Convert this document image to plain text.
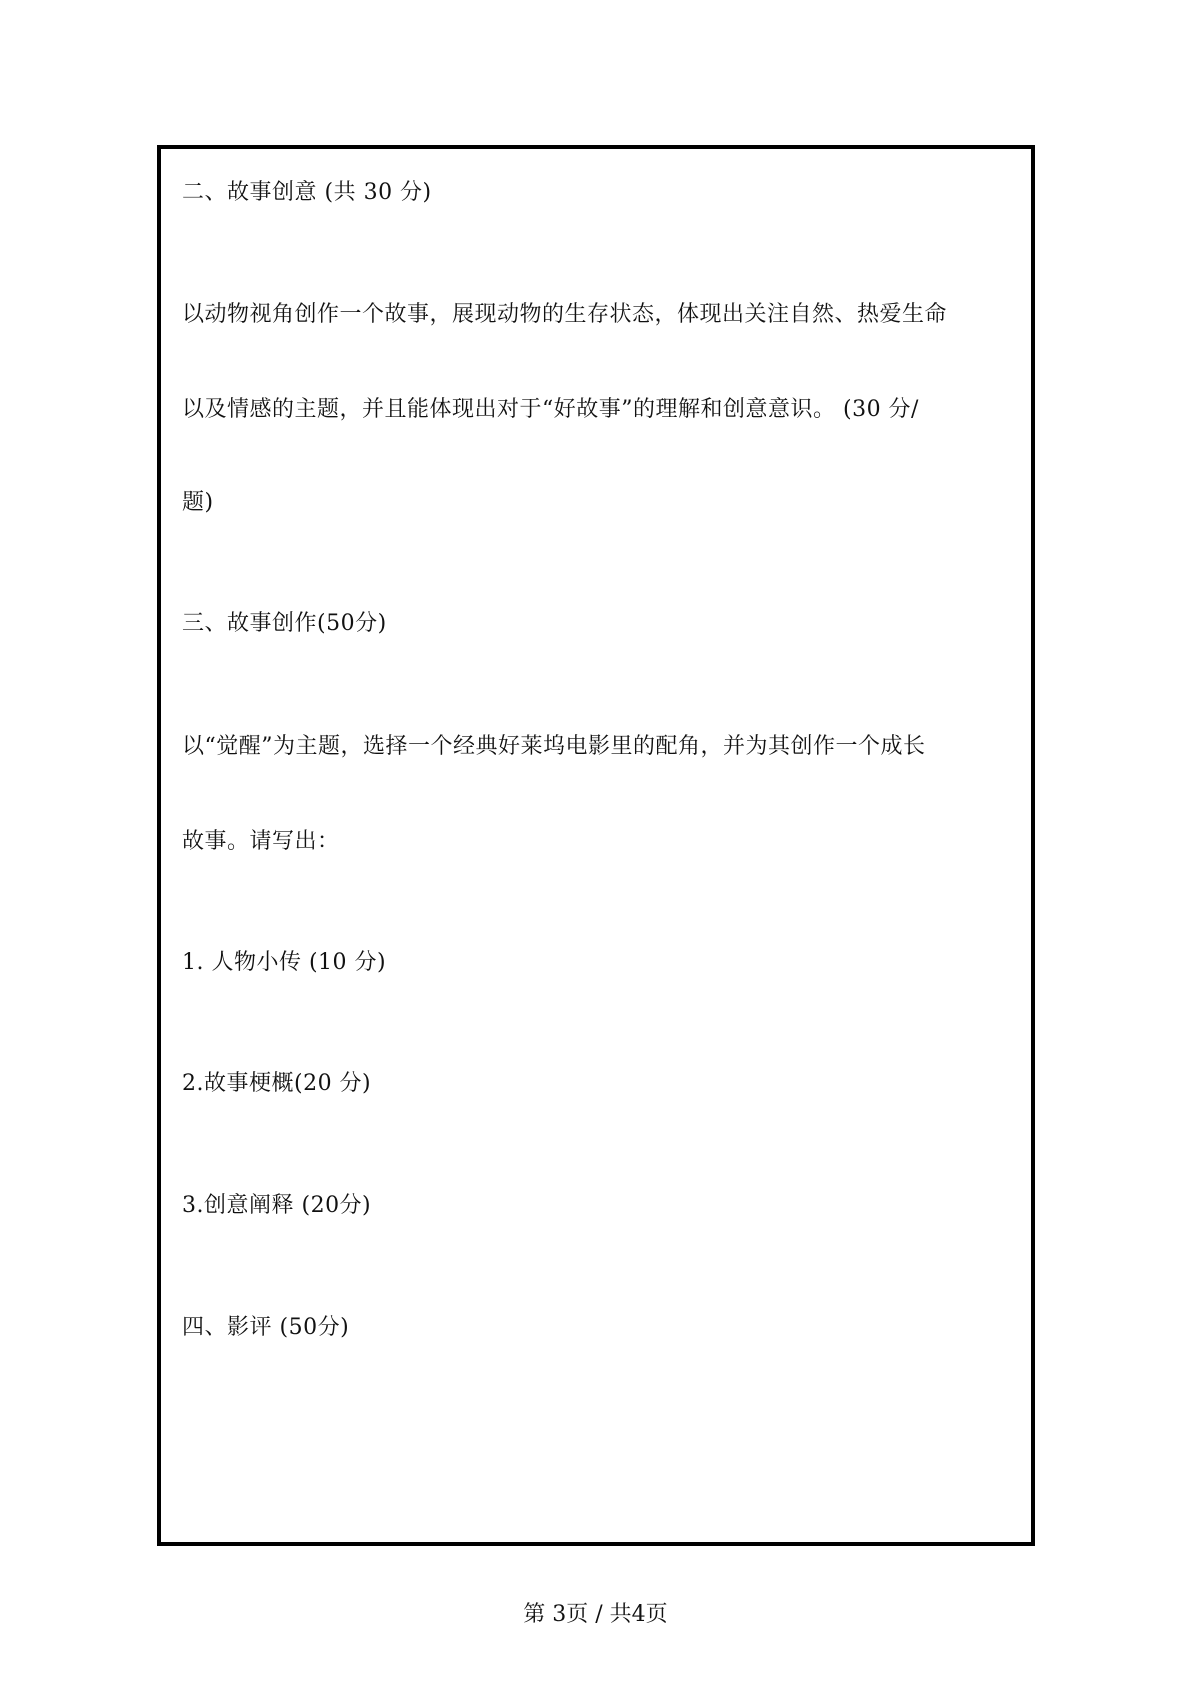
二、故事创意 (共 30 分)
以动物视角创作一个故事，展现动物的生存状态，体现出关注自然、热爱生命
以及情感的主题，并且能体现出对于“好故事”的理解和创意意识。 (30 分/
题)
三、故事创作(50分)
以“觉醒”为主题，选择一个经典好莱坞电影里的配角，并为其创作一个成长
故事。请写出：
1. 人物小传 (10 分)
2.故事梗概(20 分)
3.创意阐释 (20分)
四、影评 (50分)
第 3页 / 共4页
